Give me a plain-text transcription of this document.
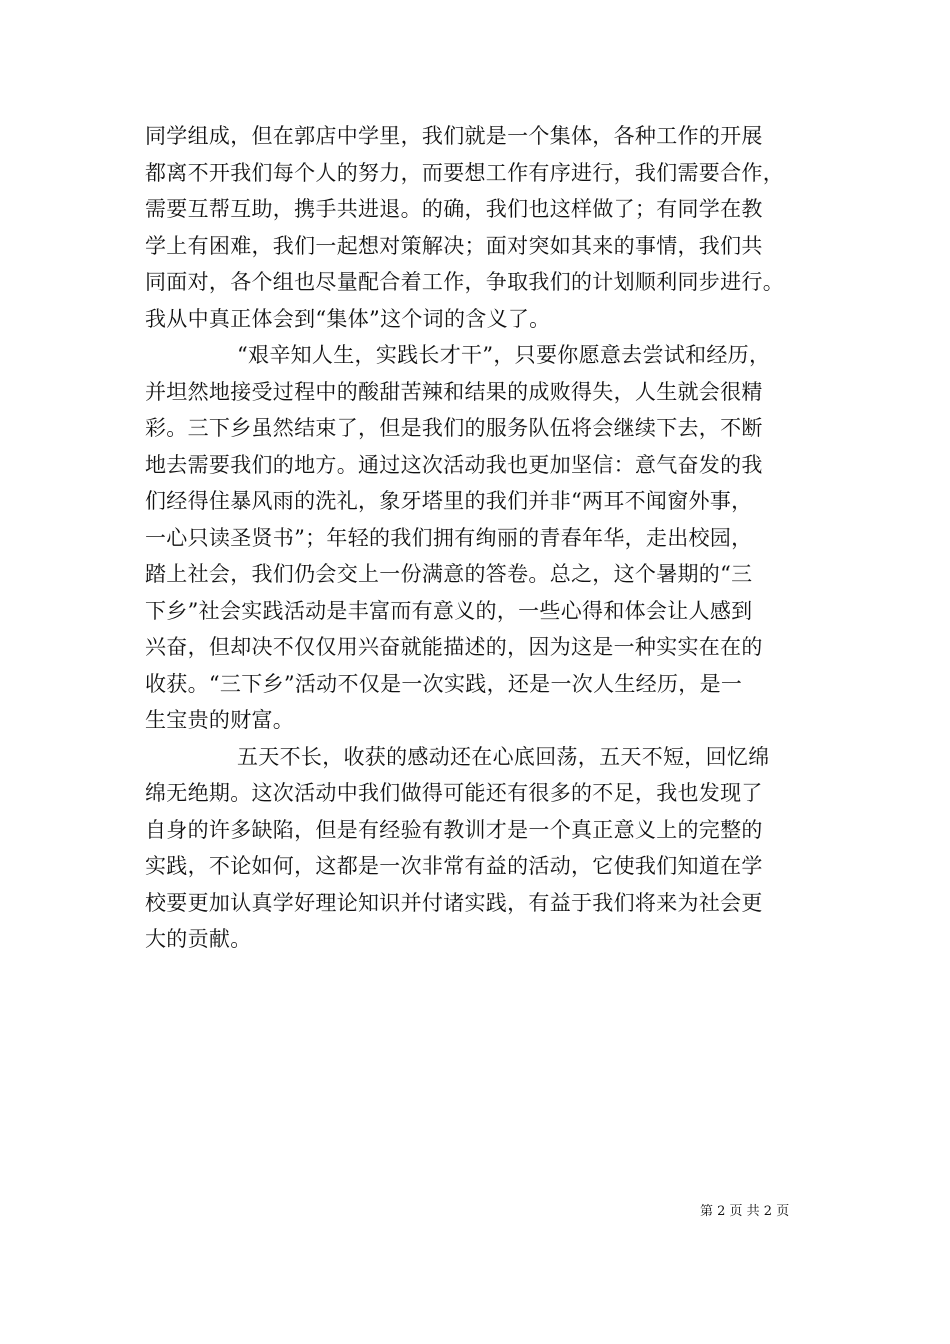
同学组成，但在郭店中学里，我们就是一个集体，各种工作的开展
都离不开我们每个人的努力，而要想工作有序进行，我们需要合作，
需要互帮互助，携手共进退。的确，我们也这样做了；有同学在教
学上有困难，我们一起想对策解决；面对突如其来的事情，我们共
同面对，各个组也尽量配合着工作，争取我们的计划顺利同步进行。
我从中真正体会到“集体”这个词的含义了。
“艰辛知人生，实践长才干”，只要你愿意去尝试和经历，
并坦然地接受过程中的酸甜苦辣和结果的成败得失，人生就会很精
彩。三下乡虽然结束了，但是我们的服务队伍将会继续下去，不断
地去需要我们的地方。通过这次活动我也更加坚信：意气奋发的我
们经得住暴风雨的洗礼，象牙塔里的我们并非“两耳不闻窗外事，
一心只读圣贤书”；年轻的我们拥有绚丽的青春年华，走出校园，
踏上社会，我们仍会交上一份满意的答卷。总之，这个暑期的“三
下乡”社会实践活动是丰富而有意义的，一些心得和体会让人感到
兴奋，但却决不仅仅用兴奋就能描述的，因为这是一种实实在在的
收获。“三下乡”活动不仅是一次实践，还是一次人生经历，是一
生宝贵的财富。
五天不长，收获的感动还在心底回荡，五天不短，回忆绵
绵无绝期。这次活动中我们做得可能还有很多的不足，我也发现了
自身的许多缺陷，但是有经验有教训才是一个真正意义上的完整的
实践，不论如何，这都是一次非常有益的活动，它使我们知道在学
校要更加认真学好理论知识并付诸实践，有益于我们将来为社会更
大的贡献。
第 2 页 共 2 页
